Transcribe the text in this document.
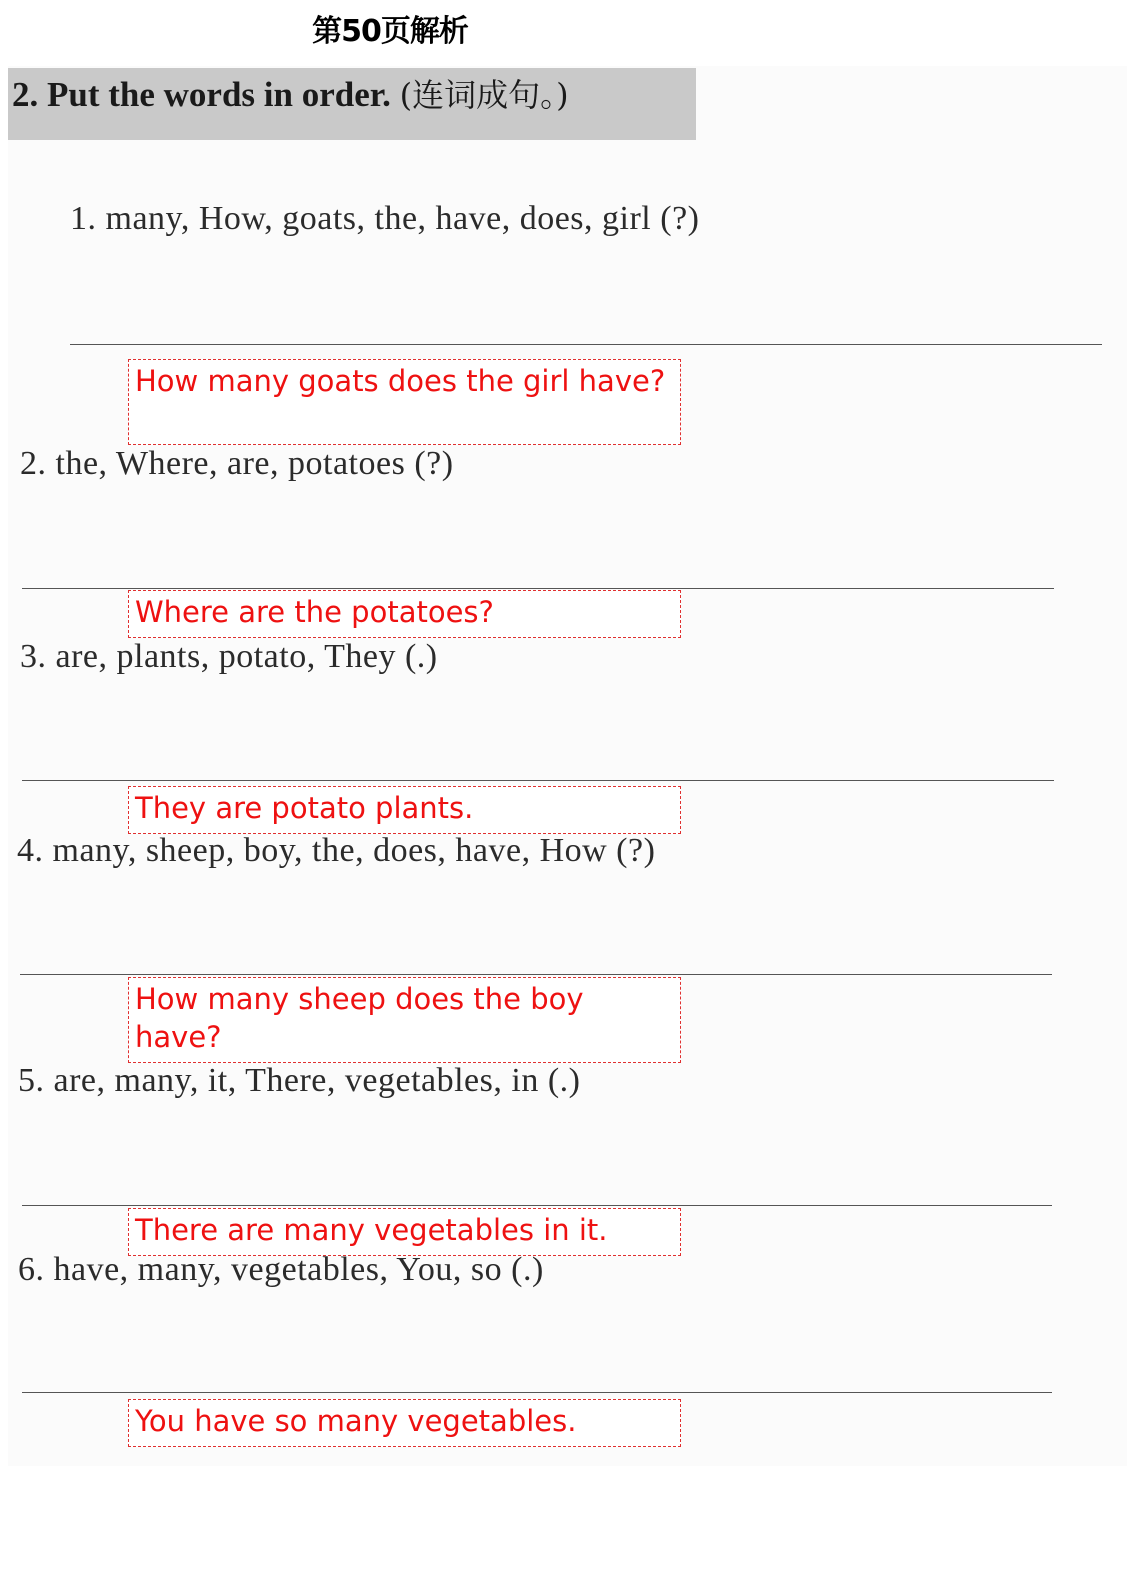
第50页解析
2. Put the words in order. (连词成句。)
1. many, How, goats, the, have, does, girl (?)
How many goats does the girl have?
2. the, Where, are, potatoes (?)
Where are the potatoes?
3. are, plants, potato, They (.)
They are potato plants.
4. many, sheep, boy, the, does, have, How (?)
How many sheep does the boy have?
5. are, many, it, There, vegetables, in (.)
There are many vegetables in it.
6. have, many, vegetables, You, so (.)
You have so many vegetables.
